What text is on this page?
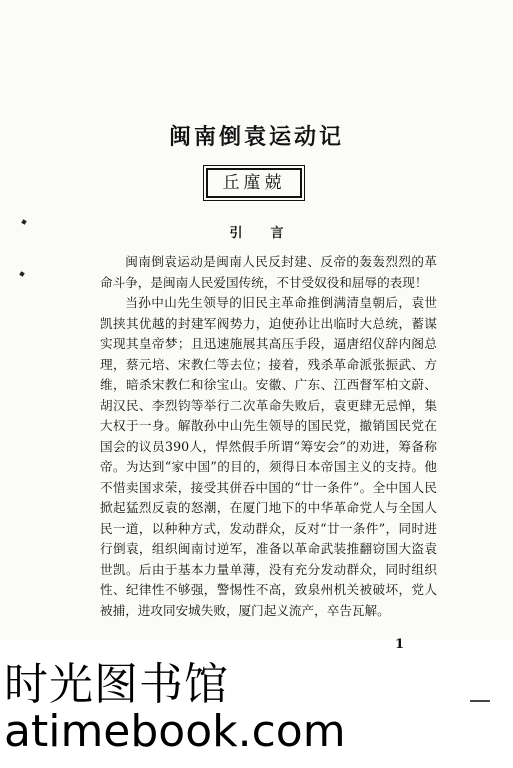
闽南倒袁运动记
丘廑兢
引言

闽南倒袁运动是闽南人民反封建、反帝的轰轰烈烈的革命斗争，是闽南人民爱国传统，不甘受奴役和屈辱的表现！

当孙中山先生领导的旧民主革命推倒满清皇朝后，袁世凯挟其优越的封建军阀势力，迫使孙让出临时大总统，蓄谋实现其皇帝梦；且迅速施展其高压手段，逼唐绍仪辞内阁总理，蔡元培、宋教仁等去位；接着，残杀革命派张振武、方维，暗杀宋教仁和徐宝山。安徽、广东、江西督军柏文蔚、胡汉民、李烈钧等举行二次革命失败后，袁更肆无忌惮，集大权于一身。解散孙中山先生领导的国民党，撤销国民党在国会的议员390人，悍然假手所谓“筹安会”的劝进，筹备称帝。为达到“家中国”的目的，须得日本帝国主义的支持。他不惜卖国求荣，接受其併吞中国的“廿一条件”。全中国人民掀起猛烈反袁的怒潮，在厦门地下的中华革命党人与全国人民一道，以种种方式，发动群众，反对“廿一条件”，同时进行倒袁，组织闽南讨逆军，准备以革命武装推翻窃国大盗袁世凯。后由于基本力量单薄，没有充分发动群众，同时组织性、纪律性不够强，警惕性不高，致泉州机关被破坏，党人被捕，进攻同安城失败，厦门起义流产，卒告瓦解。

1
时光图书馆
atimebook.com
